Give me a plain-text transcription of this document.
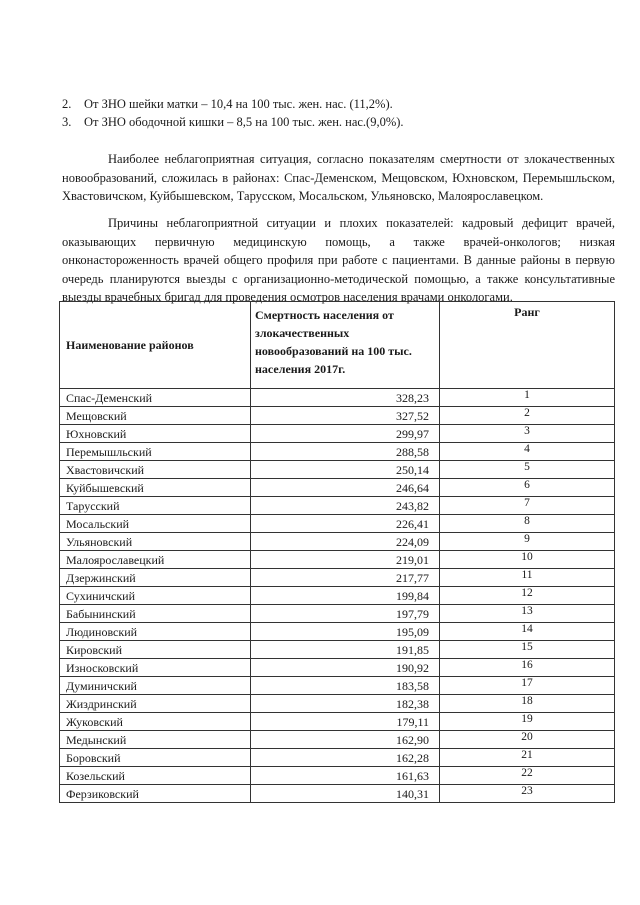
2.	От ЗНО шейки матки – 10,4 на 100 тыс. жен. нас. (11,2%).
3.	От ЗНО ободочной кишки – 8,5 на 100 тыс. жен. нас.(9,0%).

Наиболее неблагоприятная ситуация, согласно показателям смертности от злокачественных новообразований, сложилась в районах: Спас-Деменском, Мещовском, Юхновском, Перемышльском, Хвастовичском, Куйбышевском, Тарусском, Мосальском, Ульяновско, Малоярославецком.

Причины неблагоприятной ситуации и плохих показателей: кадровый дефицит врачей, оказывающих первичную медицинскую помощь, а также врачей-онкологов; низкая онконастороженность врачей общего профиля при работе с пациентами. В данные районы в первую очередь планируются выезды с организационно-методической помощью, а также консультативные выезды врачебных бригад для проведения осмотров населения врачами онкологами.

Наименование районов	Смертность населения от злокачественных новообразований на 100 тыс. населения 2017г.	Ранг
Спас-Деменский	328,23	1
Мещовский	327,52	2
Юхновский	299,97	3
Перемышльский	288,58	4
Хвастовичский	250,14	5
Куйбышевский	246,64	6
Тарусский	243,82	7
Мосальский	226,41	8
Ульяновский	224,09	9
Малоярославецкий	219,01	10
Дзержинский	217,77	11
Сухиничский	199,84	12
Бабынинский	197,79	13
Людиновский	195,09	14
Кировский	191,85	15
Износковский	190,92	16
Думиничский	183,58	17
Жиздринский	182,38	18
Жуковский	179,11	19
Медынский	162,90	20
Боровский	162,28	21
Козельский	161,63	22
Ферзиковский	140,31	23
